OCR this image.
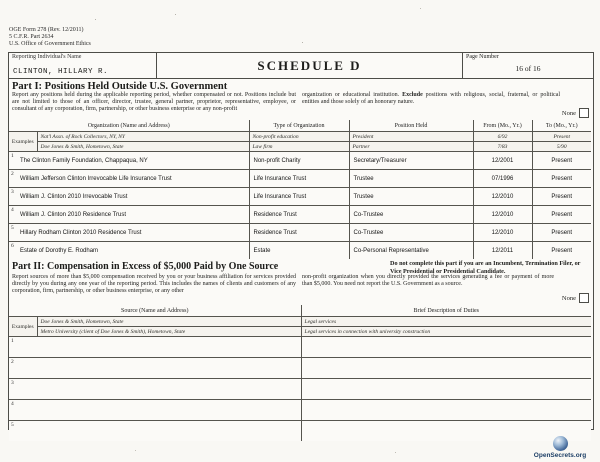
OGE Form 278 (Rev. 12/2011)
5 C.F.R. Part 2634
U.S. Office of Government Ethics
Reporting Individual's Name
CLINTON, HILLARY R.	SCHEDULE D
Page Number
16 of 16
Part I: Positions Held Outside U.S. Government
Report any positions held during the applicable reporting period, whether compensated or not. Positions include but are not limited to those of an officer, director, trustee, general partner, proprietor, representative, employee, or consultant of any corporation, firm, partnership, or other business enterprise or any non-profit
organization or educational institution. Exclude positions with religious, social, fraternal, or political entities and those solely of an honorary nature.
None
Organization (Name and Address)		Type of Organization	Position Held	From (Mo., Yr.)	To (Mo., Yr.)
Examples	Nat'l Assn. of Rock Collectors, NY, NY	Non-profit education	President	6/92	Present
	Doe Jones & Smith, Hometown, State	Law firm	Partner	7/83	5/90

1
The Clinton Family Foundation, Chappaqua, NY		Non-profit Charity	Secretary/Treasurer	12/2001	Present

2
William Jefferson Clinton Irrevocable Life Insurance Trust		Life Insurance Trust	Trustee	07/1996	Present

3
William J. Clinton 2010 Irrevocable Trust		Life Insurance Trust	Trustee	12/2010	Present

4
William J. Clinton 2010 Residence Trust		Residence Trust	Co-Trustee	12/2010	Present

5
Hillary Rodham Clinton 2010 Residence Trust		Residence Trust	Co-Trustee	12/2010	Present

6
Estate of Dorothy E. Rodham		Estate	Co-Personal Representative	12/2011	Present
Part II: Compensation in Excess of $5,000 Paid by One Source	Do not complete this part if you are an Incumbent, Termination Filer, or Vice Presidential or Presidential Candidate.
Report sources of more than $5,000 compensation received by you or your business affiliation for services provided directly by you during any one year of the reporting period. This includes the names of clients and customers of any corporation, firm, partnership, or other business enterprise, or any other
non-profit organization when you directly provided the services generating a fee or payment of more than $5,000. You need not report the U.S. Government as a source.
None
Source (Name and Address)		Brief Description of Duties
Examples	Doe Jones & Smith, Hometown, State	Legal services
	Metro University (client of Doe Jones & Smith), Hometown, State	Legal services in connection with university construction

1		

2		

3		

4		

5		

OpenSecrets.org
